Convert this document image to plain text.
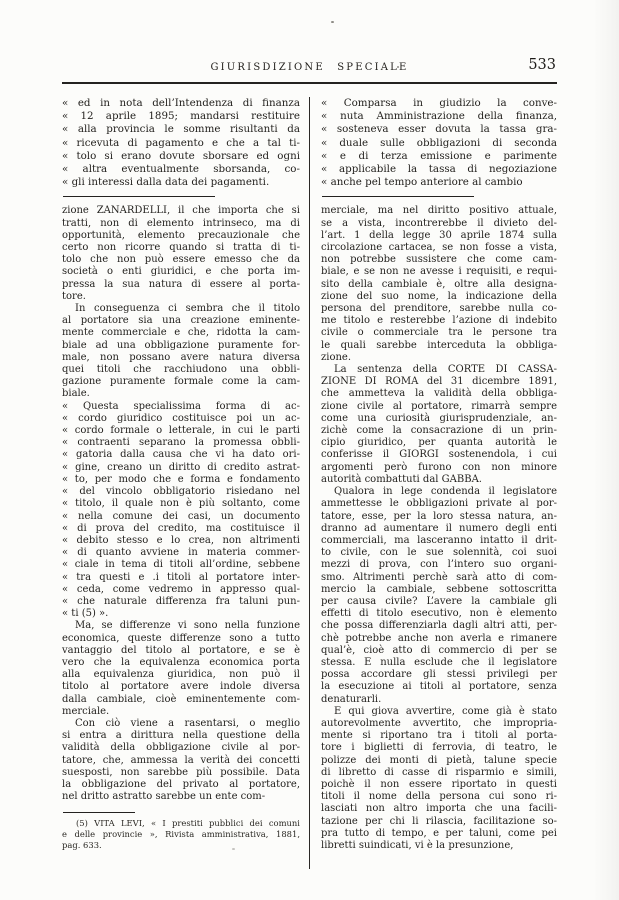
GIURISDIZIONE SPECIALE	533
« ed in nota dell’Intendenza di finanza
« 12 aprile 1895; mandarsi restituire
« alla provincia le somme risultanti da
« ricevuta di pagamento e che a tal ti-
« tolo si erano dovute sborsare ed ogni
« altra eventualmente sborsanda, co-
« gli interessi dalla data dei pagamenti.
zione ZANARDELLI, il che importa che si
tratti, non di elemento intrinseco, ma di
opportunità, elemento precauzionale che
certo non ricorre quando si tratta di ti-
tolo che non può essere emesso che da
società o enti giuridici, e che porta im-
pressa la sua natura di essere al porta-
tore.
In conseguenza ci sembra che il titolo
al portatore sia una creazione eminente-
mente commerciale e che, ridotta la cam-
biale ad una obbligazione puramente for-
male, non possano avere natura diversa
quei titoli che racchiudono una obbli-
gazione puramente formale come la cam-
biale.
« Questa specialissima forma di ac-
« cordo giuridico costituisce poi un ac-
« cordo formale o letterale, in cui le parti
« contraenti separano la promessa obbli-
« gatoria dalla causa che vi ha dato ori-
« gine, creano un diritto di credito astrat-
« to, per modo che e forma e fondamento
« del vincolo obbligatorio risiedano nel
« titolo, il quale non è più soltanto, come
« nella comune dei casi, un documento
« di prova del credito, ma costituisce il
« debito stesso e lo crea, non altrimenti
« di quanto avviene in materia commer-
« ciale in tema di titoli all’ordine, sebbene
« tra questi e .i titoli al portatore inter-
« ceda, come vedremo in appresso qual-
« che naturale differenza fra taluni pun-
« ti (5) ».
Ma, se differenze vi sono nella funzione
economica, queste differenze sono a tutto
vantaggio del titolo al portatore, e se è
vero che la equivalenza economica porta
alla equivalenza giuridica, non può il
titolo al portatore avere indole diversa
dalla cambiale, cioè eminentemente com-
merciale.
Con ciò viene a rasentarsi, o meglio
si entra a dirittura nella questione della
validità della obbligazione civile al por-
tatore, che, ammessa la verità dei concetti
suesposti, non sarebbe più possibile. Data
la obbligazione del privato al portatore,
nel dritto astratto sarebbe un ente com-
(5) VITA LEVI, « I prestiti pubblici dei comuni
e delle provincie », Rivista amministrativa, 1881,
pag. 633.
« Comparsa in giudizio la conve-
« nuta Amministrazione della finanza,
« sosteneva esser dovuta la tassa gra-
« duale sulle obbligazioni di seconda
« e di terza emissione e parimente
« applicabile la tassa di negoziazione
« anche pel tempo anteriore al cambio
merciale, ma nel diritto positivo attuale,
se a vista, incontrerebbe il divieto del-
l’art. 1 della legge 30 aprile 1874 sulla
circolazione cartacea, se non fosse a vista,
non potrebbe sussistere che come cam-
biale, e se non ne avesse i requisiti, e requi-
sito della cambiale è, oltre alla designa-
zione del suo nome, la indicazione della
persona del prenditore, sarebbe nulla co-
me titolo e resterebbe l’azione di indebito
civile o commerciale tra le persone tra
le quali sarebbe interceduta la obbliga-
zione.
La sentenza della CORTE DI CASSA-
ZIONE DI ROMA del 31 dicembre 1891,
che ammetteva la validità della obbliga-
zione civile al portatore, rimarrà sempre
come una curiosità giurisprudenziale, an-
zichè come la consacrazione di un prin-
cipio giuridico, per quanta autorità le
conferisse il GIORGI sostenendola, i cui
argomenti però furono con non minore
autorità combattuti dal GABBA.
Qualora in lege condenda il legislatore
ammettesse le obbligazioni private al por-
tatore, esse, per la loro stessa natura, an-
dranno ad aumentare il numero degli enti
commerciali, ma lasceranno intatto il drit-
to civile, con le sue solennità, coi suoi
mezzi di prova, con l’intero suo organi-
smo. Altrimenti perchè sarà atto di com-
mercio la cambiale, sebbene sottoscritta
per causa civile? L’avere la cambiale gli
effetti di titolo esecutivo, non è elemento
che possa differenziarla dagli altri atti, per-
chè potrebbe anche non averla e rimanere
qual’è, cioè atto di commercio di per se
stessa. E nulla esclude che il legislatore
possa accordare gli stessi privilegi per
la esecuzione ai titoli al portatore, senza
denaturarli.
E qui giova avvertire, come già è stato
autorevolmente avvertito, che impropria-
mente si riportano tra i titoli al porta-
tore i biglietti di ferrovia, di teatro, le
polizze dei monti di pietà, talune specie
di libretto di casse di risparmio e simili,
poichè il non essere riportato in questi
titoli il nome della persona cui sono ri-
lasciati non altro importa che una facili-
tazione per chi li rilascia, facilitazione so-
pra tutto di tempo, e per taluni, come pei
libretti suindicati, vi è la presunzione,
